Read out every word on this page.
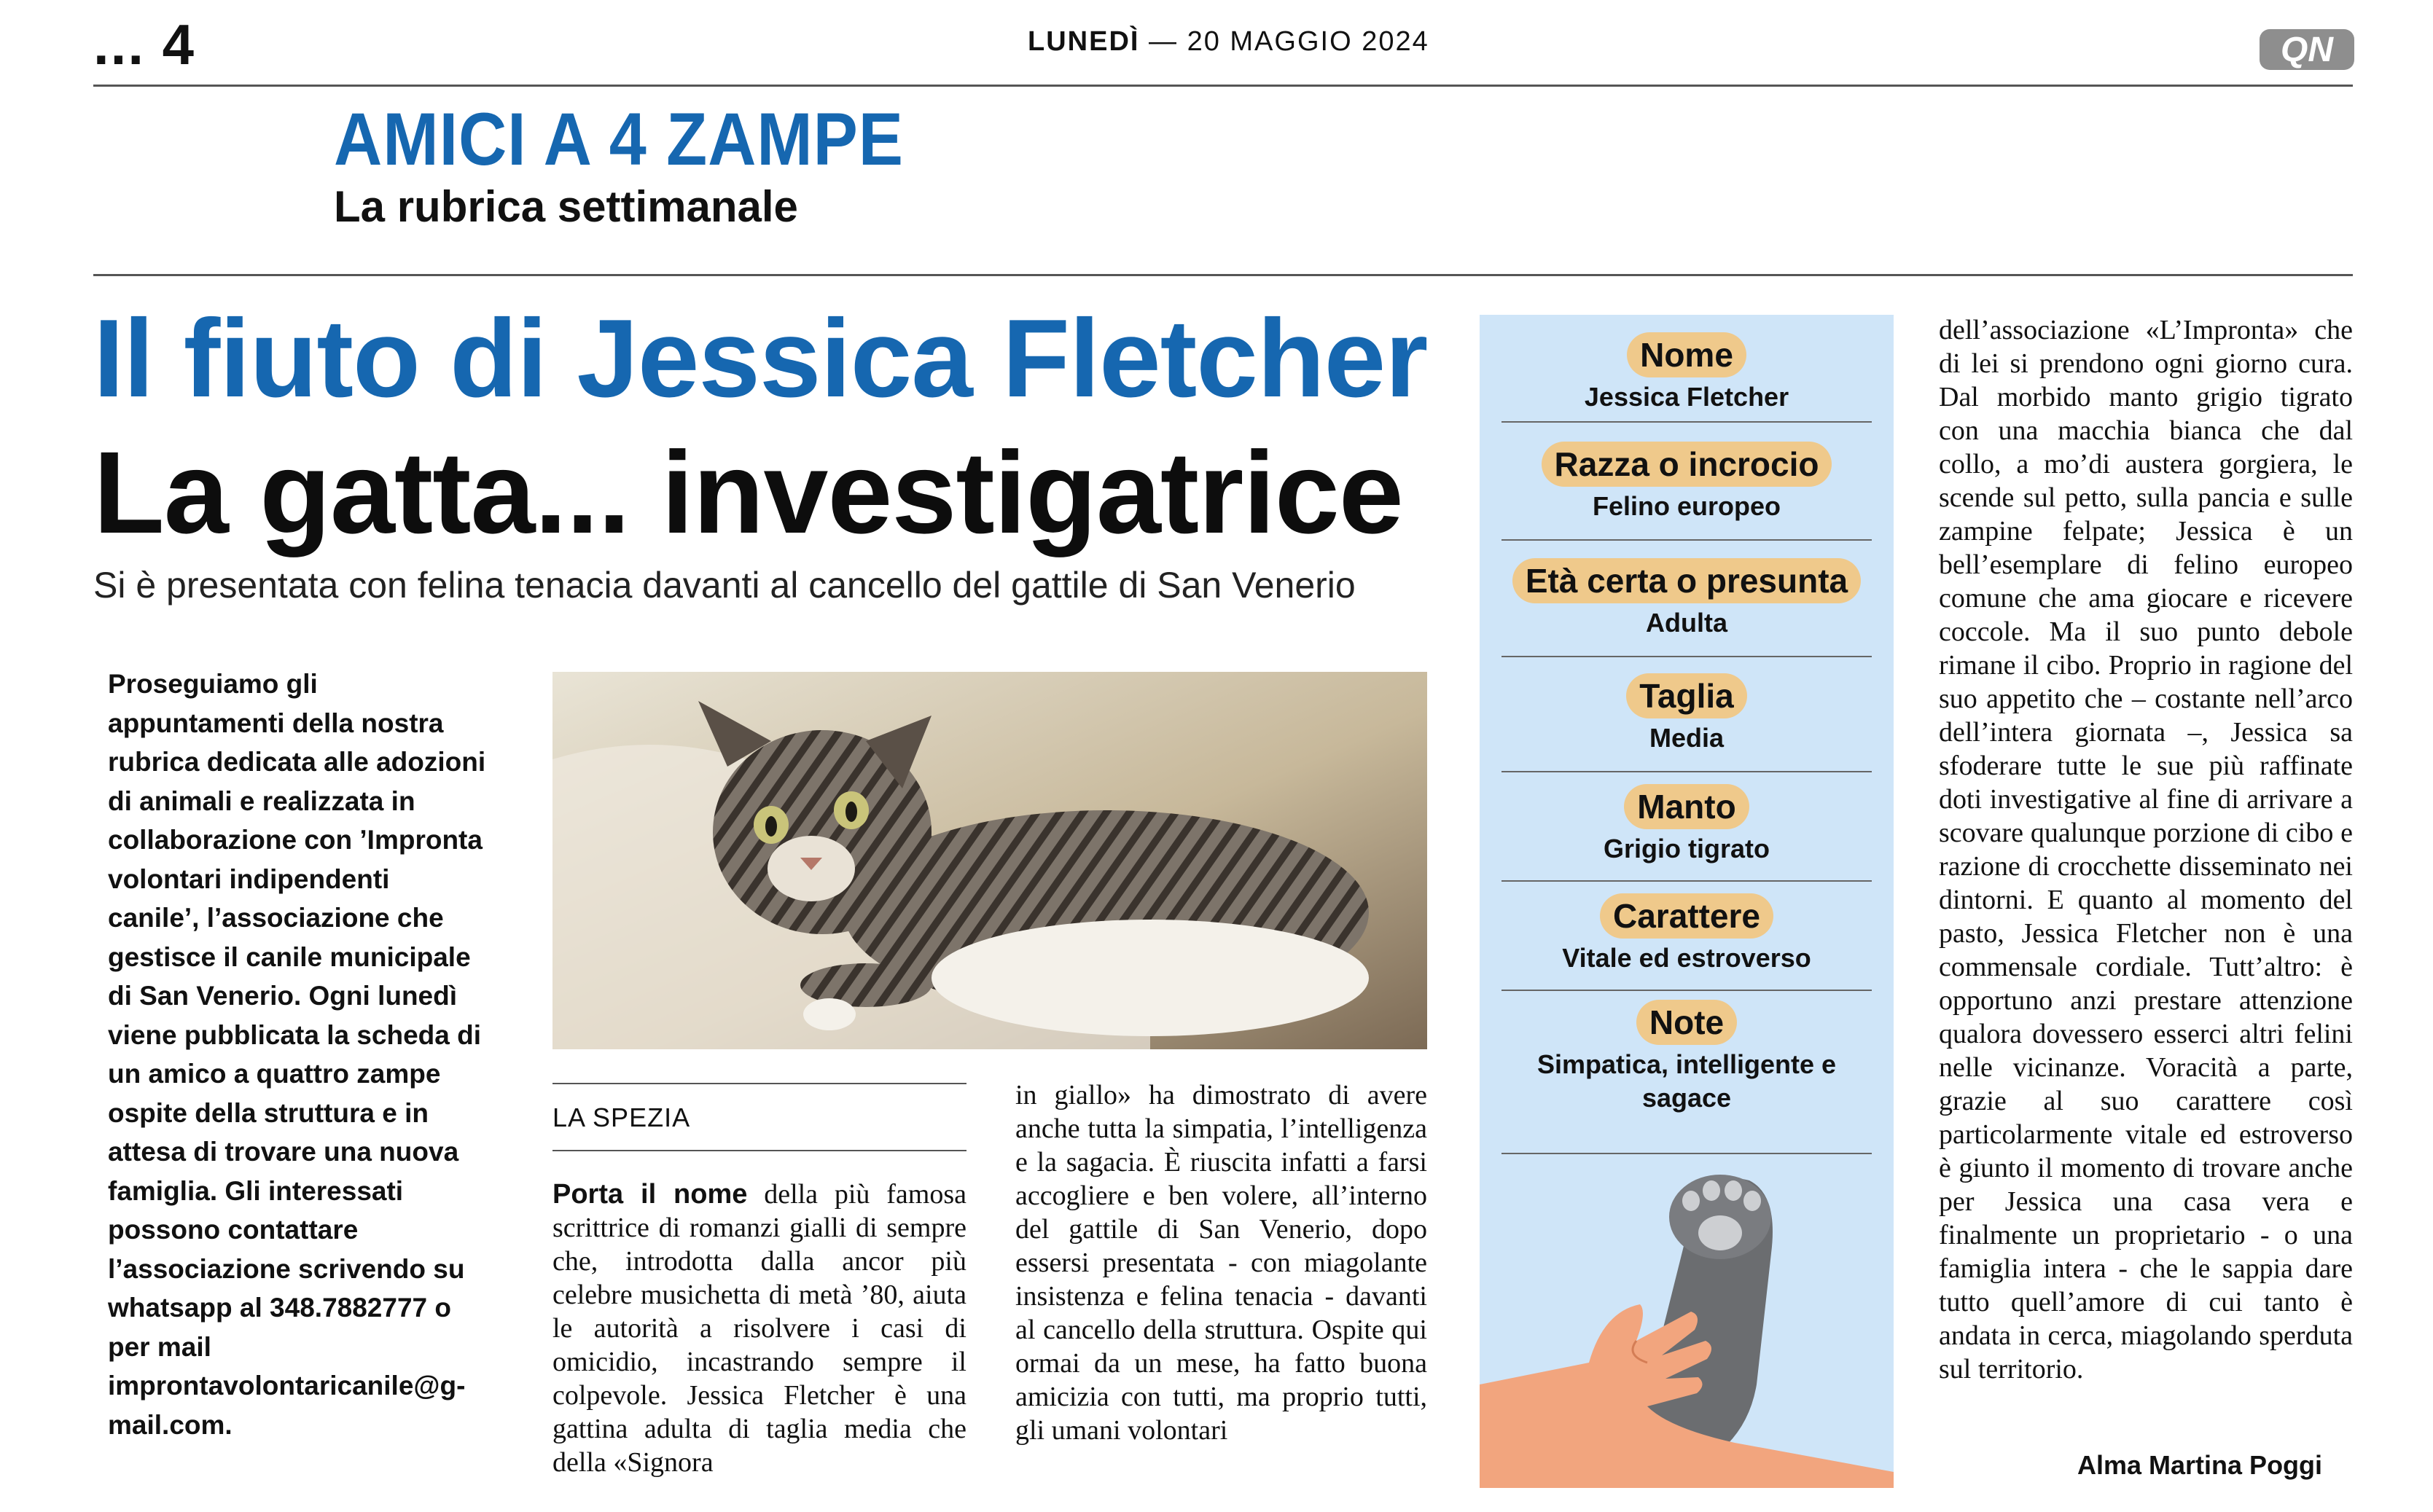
... 4	LUNEDÌ — 20 MAGGIO 2024	QN
AMICI A 4 ZAMPE
La rubrica settimanale
Il fiuto di Jessica Fletcher
La gatta... investigatrice
Si è presentata con felina tenacia davanti al cancello del gattile di San Venerio
Proseguiamo gli appuntamenti della nostra rubrica dedicata alle adozioni di animali e realizzata in collaborazione con ’Impronta volontari indipendenti canile’, l’associazione che gestisce il canile municipale di San Venerio. Ogni lunedì viene pubblicata la scheda di un amico a quattro zampe ospite della struttura e in attesa di trovare una nuova famiglia. Gli interessati possono contattare l’associazione scrivendo su whatsapp al 348.7882777 o per mail improntavolontaricanile@g-mail.com.
LA SPEZIA
Porta il nome della più famosa scrittrice di romanzi gialli di sempre che, introdotta dalla ancor più celebre musichetta di metà ’80, aiuta le autorità a risolvere i casi di omicidio, incastrando sempre il colpevole. Jessica Fletcher è una gattina adulta di taglia media che della «Signora
in giallo» ha dimostrato di avere anche tutta la simpatia, l’intelligenza e la sagacia. È riuscita infatti a farsi accogliere e ben volere, all’interno del gattile di San Venerio, dopo essersi presentata - con miagolante insistenza e felina tenacia - davanti al cancello della struttura. Ospite qui ormai da un mese, ha fatto buona amicizia con tutti, ma proprio tutti, gli umani volontari
dell’associazione «L’Impronta» che di lei si prendono ogni giorno cura. Dal morbido manto grigio tigrato con una macchia bianca che dal collo, a mo’di austera gorgiera, le scende sul petto, sulla pancia e sulle zampine felpate; Jessica è un bell’esemplare di felino europeo comune che ama giocare e ricevere coccole. Ma il suo punto debole rimane il cibo. Proprio in ragione del suo appetito che – costante nell’arco dell’intera giornata –, Jessica sa sfoderare tutte le sue più raffinate doti investigative al fine di arrivare a scovare qualunque porzione di cibo e razione di crocchette disseminato nei dintorni. E quanto al momento del pasto, Jessica Fletcher non è una commensale cordiale. Tutt’altro: è opportuno anzi prestare attenzione qualora dovessero esserci altri felini nelle vicinanze. Voracità a parte, grazie al suo carattere così particolarmente vitale ed estroverso è giunto il momento di trovare anche per Jessica una casa vera e finalmente un proprietario - o una famiglia intera - che le sappia dare tutto quell’amore di cui tanto è andata in cerca, miagolando sperduta sul territorio.
Alma Martina Poggi
Nome
Jessica Fletcher
Razza o incrocio
Felino europeo
Età certa o presunta
Adulta
Taglia
Media
Manto
Grigio tigrato
Carattere
Vitale ed estroverso
Note
Simpatica, intelligente e sagace
